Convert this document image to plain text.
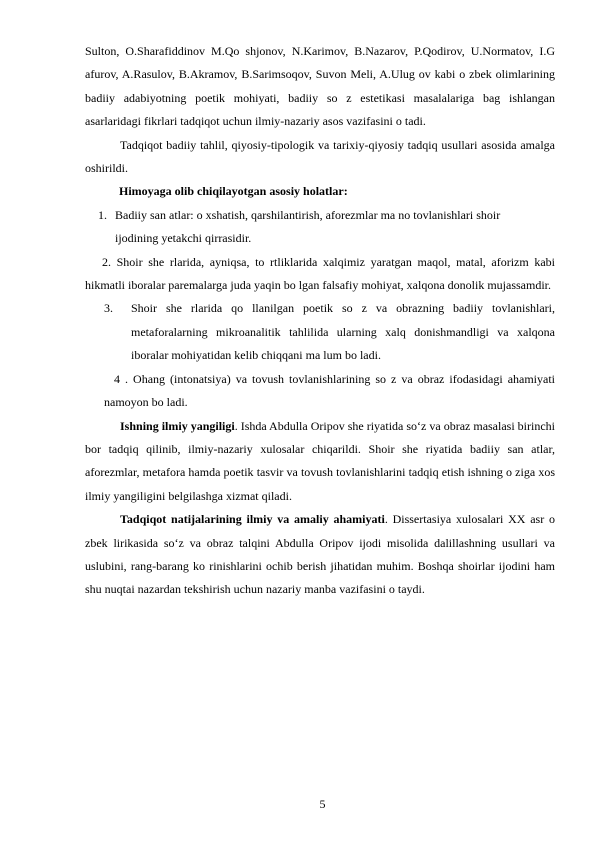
Sulton, O.Sharafiddinov M.Qo shjonov, N.Karimov, B.Nazarov, P.Qodirov, U.Normatov, I.G afurov, A.Rasulov, B.Akramov, B.Sarimsoqov, Suvon Meli, A.Ulug ov kabi o zbek olimlarining badiiy adabiyotning poetik mohiyati, badiiy so z estetikasi masalalariga bag ishlangan asarlaridagi fikrlari tadqiqot uchun ilmiy-nazariy asos vazifasini o tadi.

Tadqiqot badiiy tahlil, qiyosiy-tipologik va tarixiy-qiyosiy tadqiq usullari asosida amalga oshirildi.

Himoyaga olib chiqilayotgan asosiy holatlar:

1. Badiiy san atlar: o xshatish, qarshilantirish, aforezmlar ma no tovlanishlari shoir ijodining yetakchi qirrasidir.

2. Shoir she rlarida, ayniqsa, to rtliklarida xalqimiz yaratgan maqol, matal, aforizm kabi hikmatli iboralar paremalarga juda yaqin bo lgan falsafiy mohiyat, xalqona donolik mujassamdir.

3.	Shoir she rlarida qo llanilgan poetik so z va obrazning badiiy tovlanishlari, metaforalarning mikroanalitik tahlilida ularning xalq donishmandligi va xalqona iboralar mohiyatidan kelib chiqqani ma lum bo ladi.

4 . Ohang (intonatsiya) va tovush tovlanishlarining so z va obraz ifodasidagi ahamiyati namoyon bo ladi.

Ishning ilmiy yangiligi. Ishda Abdulla Oripov she riyatida so‘z va obraz masalasi birinchi bor tadqiq qilinib, ilmiy-nazariy xulosalar chiqarildi. Shoir she riyatida badiiy san atlar, aforezmlar, metafora hamda poetik tasvir va tovush tovlanishlarini tadqiq etish ishning o ziga xos ilmiy yangiligini belgilashga xizmat qiladi.

Tadqiqot natijalarining ilmiy va amaliy ahamiyati. Dissertasiya xulosalari XX asr o zbek lirikasida so‘z va obraz talqini Abdulla Oripov ijodi misolida dalillashning usullari va uslubini, rang-barang ko rinishlarini ochib berish jihatidan muhim. Boshqa shoirlar ijodini ham shu nuqtai nazardan tekshirish uchun nazariy manba vazifasini o taydi.

5
